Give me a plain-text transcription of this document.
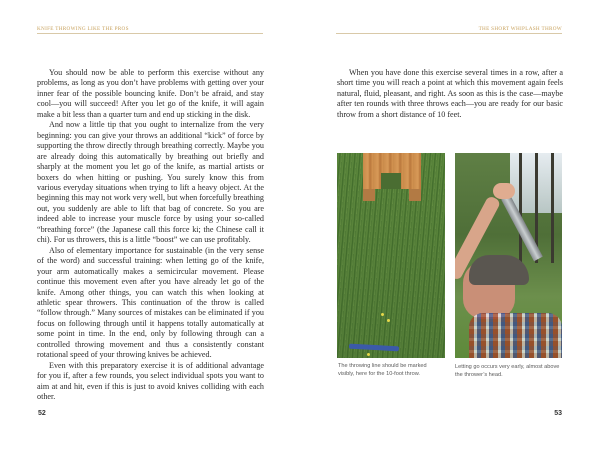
KNIFE THROWING LIKE THE PROS

You should now be able to perform this exercise without any problems, as long as you don’t have problems with getting over your inner fear of the possible bouncing knife. Don’t be afraid, and stay cool—you will succeed! After you let go of the knife, it will again make a bit less than a quarter turn and end up sticking in the disk.

And now a little tip that you ought to internalize from the very beginning: you can give your throws an additional “kick” of force by supporting the throw directly through breathing correctly. Maybe you are already doing this automatically by breathing out briefly and sharply at the moment you let go of the knife, as martial artists or boxers do when hitting or pushing. You surely know this from various everyday situations when trying to lift a heavy object. At the beginning this may not work very well, but when forcefully breathing out, you suddenly are able to lift that bag of concrete. So you are indeed able to increase your muscle force by using your so-called “breathing force” (the Japanese call this force ki; the Chinese call it chi). For us throwers, this is a little “boost” we can use profitably.

Also of elementary importance for sustainable (in the very sense of the word) and successful training: when letting go of the knife, your arm automatically makes a semicircular movement. Please continue this movement even after you have already let go of the knife. Among other things, you can watch this when looking at athletic spear throwers. This continuation of the throw is called “follow through.” Many sources of mistakes can be eliminated if you focus on following through until it happens totally automatically at some point in time. In the end, only by following through can a controlled throwing movement and thus a consistently constant rotational speed of your throwing knives be achieved.

Even with this preparatory exercise it is of additional advantage for you if, after a few rounds, you select individual spots you want to aim at and hit, even if this is just to avoid knives colliding with each other.

52
THE SHORT WHIPLASH THROW

When you have done this exercise several times in a row, after a short time you will reach a point at which this movement again feels natural, fluid, pleasant, and right. As soon as this is the case—maybe after ten rounds with three throws each—you are ready for our basic throw from a short distance of 10 feet.

The throwing line should be marked visibly, here for the 10-foot throw.
Letting go occurs very early, almost above the thrower’s head.
53
